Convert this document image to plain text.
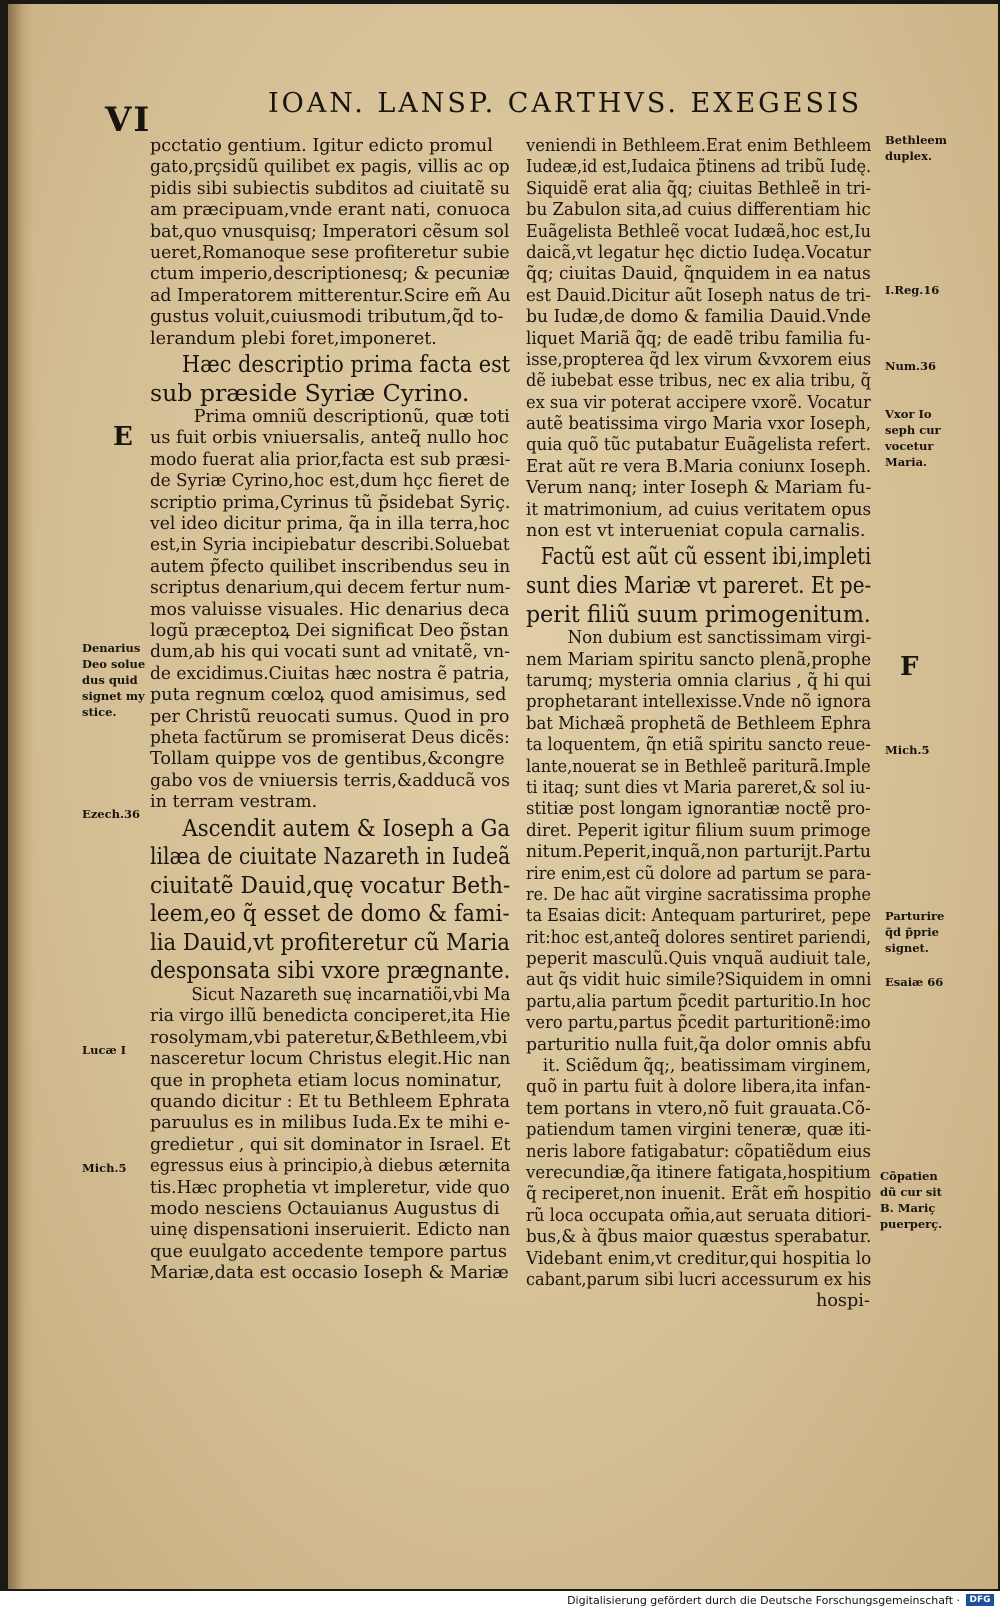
VI	IOAN. LANSP. CARTHVS. EXEGESIS
pcctatio gentium. Igitur edicto promul
gato,prçsidũ quilibet ex pagis, villis ac op
pidis sibi subiectis subditos ad ciuitatẽ su
am præcipuam,vnde erant nati, conuoca
bat,quo vnusquisq; Imperatori cẽsum sol
ueret,Romanoque sese profiteretur subie
ctum imperio,descriptionesq; & pecuniæ
ad Imperatorem mitterentur.Scire em̃ Au
gustus voluit,cuiusmodi tributum,q̃d to-
lerandum plebi foret,imponeret.
Hæc descriptio prima facta est
sub præside Syriæ Cyrino.
Prima omniũ descriptionũ, quæ toti
us fuit orbis vniuersalis, anteq̃ nullo hoc
modo fuerat alia prior,facta est sub præsi-
de Syriæ Cyrino,hoc est,dum hçc fieret de
scriptio prima,Cyrinus tũ p̃sidebat Syriç.
vel ideo dicitur prima, q̃a in illa terra,hoc
est,in Syria incipiebatur describi.Soluebat
autem p̃fecto quilibet inscribendus seu in
scriptus denarium,qui decem fertur num-
mos valuisse visuales. Hic denarius deca
logũ præceptoꝝ Dei significat Deo p̃stan
dum,ab his qui vocati sunt ad vnitatẽ, vn-
de excidimus.Ciuitas hæc nostra ẽ patria,
puta regnum cœloꝝ quod amisimus, sed
per Christũ reuocati sumus. Quod in pro
pheta factũrum se promiserat Deus dicẽs:
Tollam quippe vos de gentibus,&congre
gabo vos de vniuersis terris,&adducã vos
in terram vestram.
Ascendit autem & Ioseph a Ga
lilæa de ciuitate Nazareth in Iudeã
ciuitatẽ Dauid,quę vocatur Beth-
leem,eo q̃ esset de domo & fami-
lia Dauid,vt profiteretur cũ Maria
desponsata sibi vxore prægnante.
Sicut Nazareth suę incarnatiõi,vbi Ma
ria virgo illũ benedicta conciperet,ita Hie
rosolymam,vbi pateretur,&Bethleem,vbi
nasceretur locum Christus elegit.Hic nan
que in propheta etiam locus nominatur,
quando dicitur : Et tu Bethleem Ephrata
paruulus es in milibus Iuda.Ex te mihi e-
gredietur , qui sit dominator in Israel. Et
egressus eius à principio,à diebus æternita
tis.Hæc prophetia vt impleretur, vide quo
modo nesciens Octauianus Augustus di
uinę dispensationi inseruierit. Edicto nan
que euulgato accedente tempore partus
Mariæ,data est occasio Ioseph & Mariæ
veniendi in Bethleem.Erat enim Bethleem
Iudeæ,id est,Iudaica p̃tinens ad tribũ Iudę.
Siquidẽ erat alia q̃q; ciuitas Bethleẽ in tri-
bu Zabulon sita,ad cuius differentiam hic
Euãgelista Bethleẽ vocat Iudæã,hoc est,Iu
daicã,vt legatur hęc dictio Iudęa.Vocatur
q̃q; ciuitas Dauid, q̃nquidem in ea natus
est Dauid.Dicitur aũt Ioseph natus de tri-
bu Iudæ,de domo & familia Dauid.Vnde
liquet Mariã q̃q; de eadẽ tribu familia fu-
isse,propterea q̃d lex virum &vxorem eius
dẽ iubebat esse tribus, nec ex alia tribu, q̃
ex sua vir poterat accipere vxorẽ. Vocatur
autẽ beatissima virgo Maria vxor Ioseph,
quia quõ tũc putabatur Euãgelista refert.
Erat aũt re vera B.Maria coniunx Ioseph.
Verum nanq; inter Ioseph & Mariam fu-
it matrimonium, ad cuius veritatem opus
non est vt interueniat copula carnalis.
Factũ est aũt cũ essent ibi,impleti
sunt dies Mariæ vt pareret. Et pe-
perit filiũ suum primogenitum.
Non dubium est sanctissimam virgi-
nem Mariam spiritu sancto plenã,prophe
tarumq; mysteria omnia clarius , q̃ hi qui
prophetarant intellexisse.Vnde nõ ignora
bat Michæã prophetã de Bethleem Ephra
ta loquentem, q̃n etiã spiritu sancto reue-
lante,nouerat se in Bethleẽ pariturã.Imple
ti itaq; sunt dies vt Maria pareret,& sol iu-
stitiæ post longam ignorantiæ noctẽ pro-
diret. Peperit igitur filium suum primoge
nitum.Peperit,inquã,non parturijt.Partu
rire enim,est cũ dolore ad partum se para-
re. De hac aũt virgine sacratissima prophe
ta Esaias dicit: Antequam parturiret, pepe
rit:hoc est,anteq̃ dolores sentiret pariendi,
peperit masculũ.Quis vnquã audiuit tale,
aut q̃s vidit huic simile?Siquidem in omni
partu,alia partum p̃cedit parturitio.In hoc
vero partu,partus p̃cedit parturitionẽ:imo
parturitio nulla fuit,q̃a dolor omnis abfu
it. Sciẽdum q̃q;, beatissimam virginem,
quõ in partu fuit à dolore libera,ita infan-
tem portans in vtero,nõ fuit grauata.Cõ-
patiendum tamen virgini teneræ, quæ iti-
neris labore fatigabatur: cõpatiẽdum eius
verecundiæ,q̃a itinere fatigata,hospitium
q̃ reciperet,non inuenit. Erãt em̃ hospitio
rũ loca occupata om̃ia,aut seruata ditiori-
bus,& à q̃bus maior quæstus sperabatur.
Videbant enim,vt creditur,qui hospitia lo
cabant,parum sibi lucri accessurum ex his
hospi-
E
F
Denarius
Deo solue
dus quid
signet my
stice.
Ezech.36
Lucæ I
Mich.5
Bethleem
duplex.
I.Reg.16
Num.36
Vxor Io
seph cur
vocetur
Maria.
Mich.5
Parturire
q̃d p̃prie
signet.
Esaiæ 66
Cõpatien
dũ cur sit
B. Mariç
puerperç.
Digitalisierung gefördert durch die Deutsche Forschungsgemeinschaft ·	DFG
